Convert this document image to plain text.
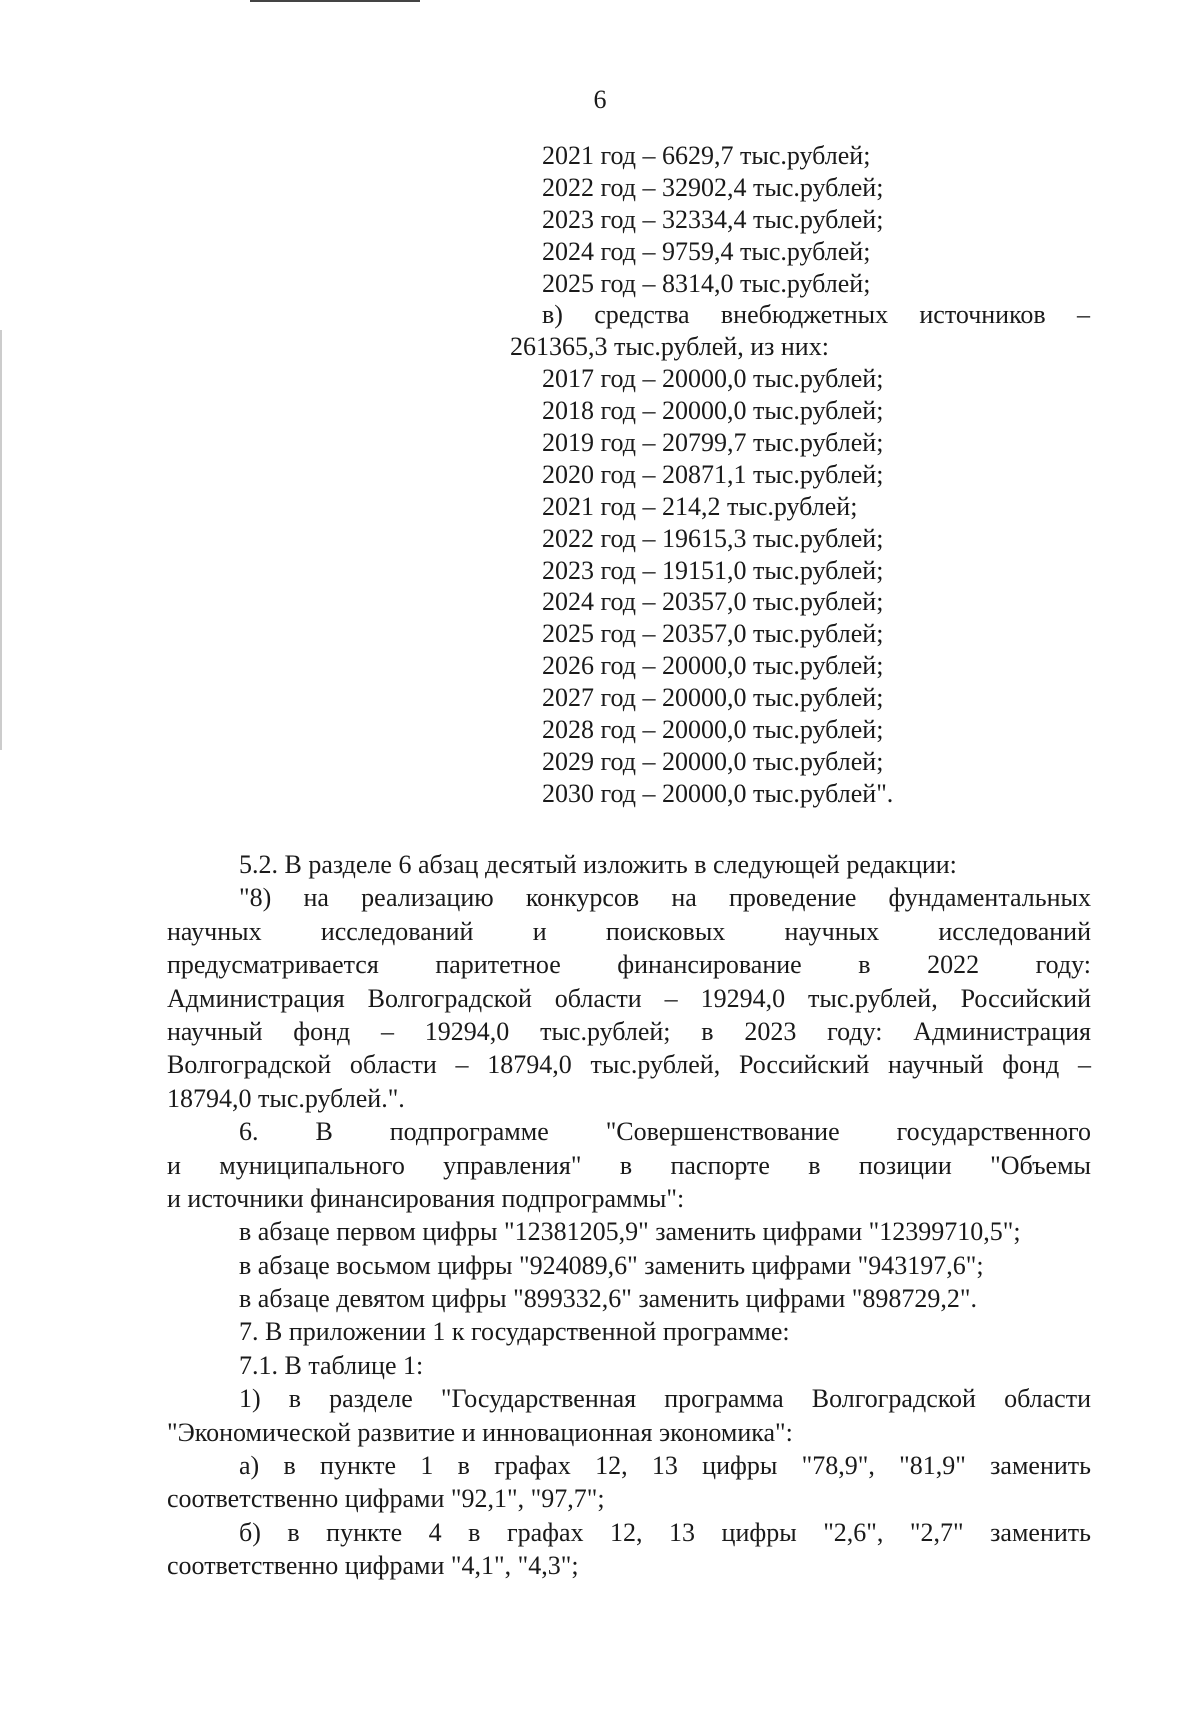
6
2021 год – 6629,7 тыс.рублей;
2022 год – 32902,4 тыс.рублей;
2023 год – 32334,4 тыс.рублей;
2024 год – 9759,4 тыс.рублей;
2025 год – 8314,0 тыс.рублей;
в) средства внебюджетных источников –
261365,3 тыс.рублей, из них:
2017 год – 20000,0 тыс.рублей;
2018 год – 20000,0 тыс.рублей;
2019 год – 20799,7 тыс.рублей;
2020 год – 20871,1 тыс.рублей;
2021 год – 214,2 тыс.рублей;
2022 год – 19615,3 тыс.рублей;
2023 год – 19151,0 тыс.рублей;
2024 год – 20357,0 тыс.рублей;
2025 год – 20357,0 тыс.рублей;
2026 год – 20000,0 тыс.рублей;
2027 год – 20000,0 тыс.рублей;
2028 год – 20000,0 тыс.рублей;
2029 год – 20000,0 тыс.рублей;
2030 год – 20000,0 тыс.рублей".
5.2. В разделе 6 абзац десятый изложить в следующей редакции:
"8) на реализацию конкурсов на проведение фундаментальных
научных исследований и поисковых научных исследований
предусматривается паритетное финансирование в 2022 году:
Администрация Волгоградской области – 19294,0 тыс.рублей, Российский
научный фонд – 19294,0 тыс.рублей; в 2023 году: Администрация
Волгоградской области – 18794,0 тыс.рублей, Российский научный фонд –
18794,0 тыс.рублей.".
6. В подпрограмме "Совершенствование государственного
и муниципального управления" в паспорте в позиции "Объемы
и источники финансирования подпрограммы":
в абзаце первом цифры "12381205,9" заменить цифрами "12399710,5";
в абзаце восьмом цифры "924089,6" заменить цифрами "943197,6";
в абзаце девятом цифры "899332,6" заменить цифрами "898729,2".
7. В приложении 1 к государственной программе:
7.1. В таблице 1:
1) в разделе "Государственная программа Волгоградской области
"Экономической развитие и инновационная экономика":
а) в пункте 1 в графах 12, 13 цифры "78,9", "81,9" заменить
соответственно цифрами "92,1", "97,7";
б) в пункте 4 в графах 12, 13 цифры "2,6", "2,7" заменить
соответственно цифрами "4,1", "4,3";
